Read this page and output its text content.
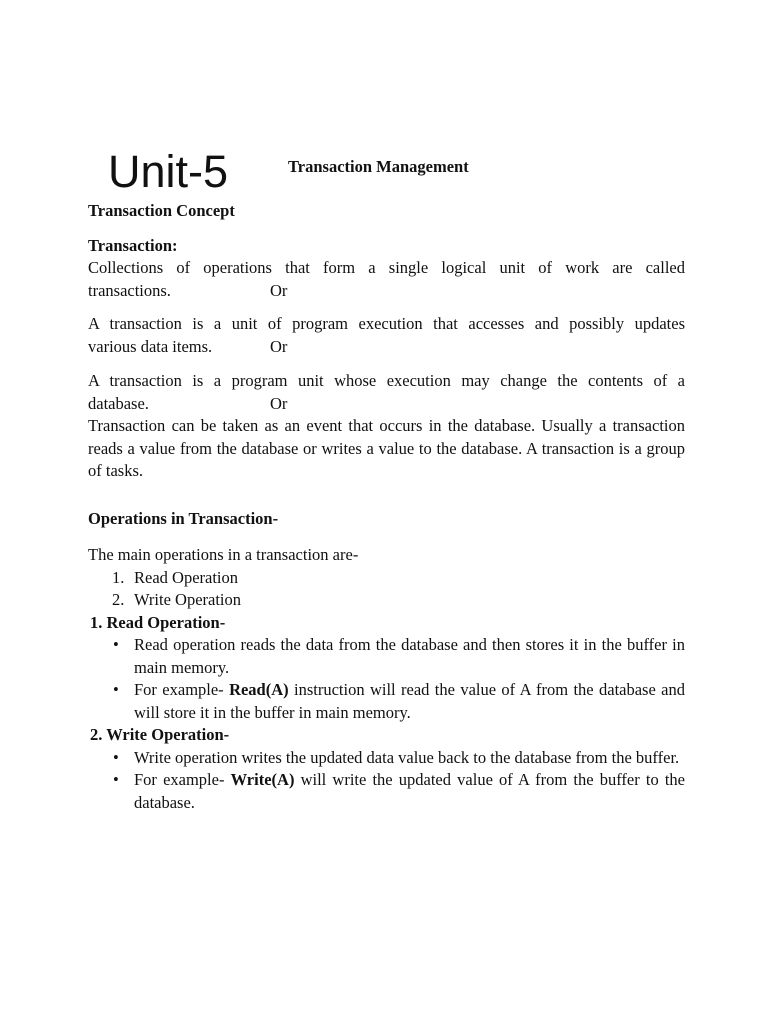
Unit-5	Transaction Management
Transaction Concept
Transaction:

Collections of operations that form a single logical unit of work are called

transactions.	Or

A transaction is a unit of program execution that accesses and possibly updates

various data items.	Or

A transaction is a program unit whose execution may change the contents of a

database.	Or

Transaction can be taken as an event that occurs in the database. Usually a transaction reads a value from the database or writes a value to the database. A transaction is a group of tasks.

Operations in Transaction-
The main operations in a transaction are-
1. Read Operation
2. Write Operation
1. Read Operation-
• Read operation reads the data from the database and then stores it in the buffer in main memory.
• For example- Read(A) instruction will read the value of A from the database and will store it in the buffer in main memory.
2. Write Operation-
• Write operation writes the updated data value back to the database from the buffer.
• For example- Write(A) will write the updated value of A from the buffer to the database.
